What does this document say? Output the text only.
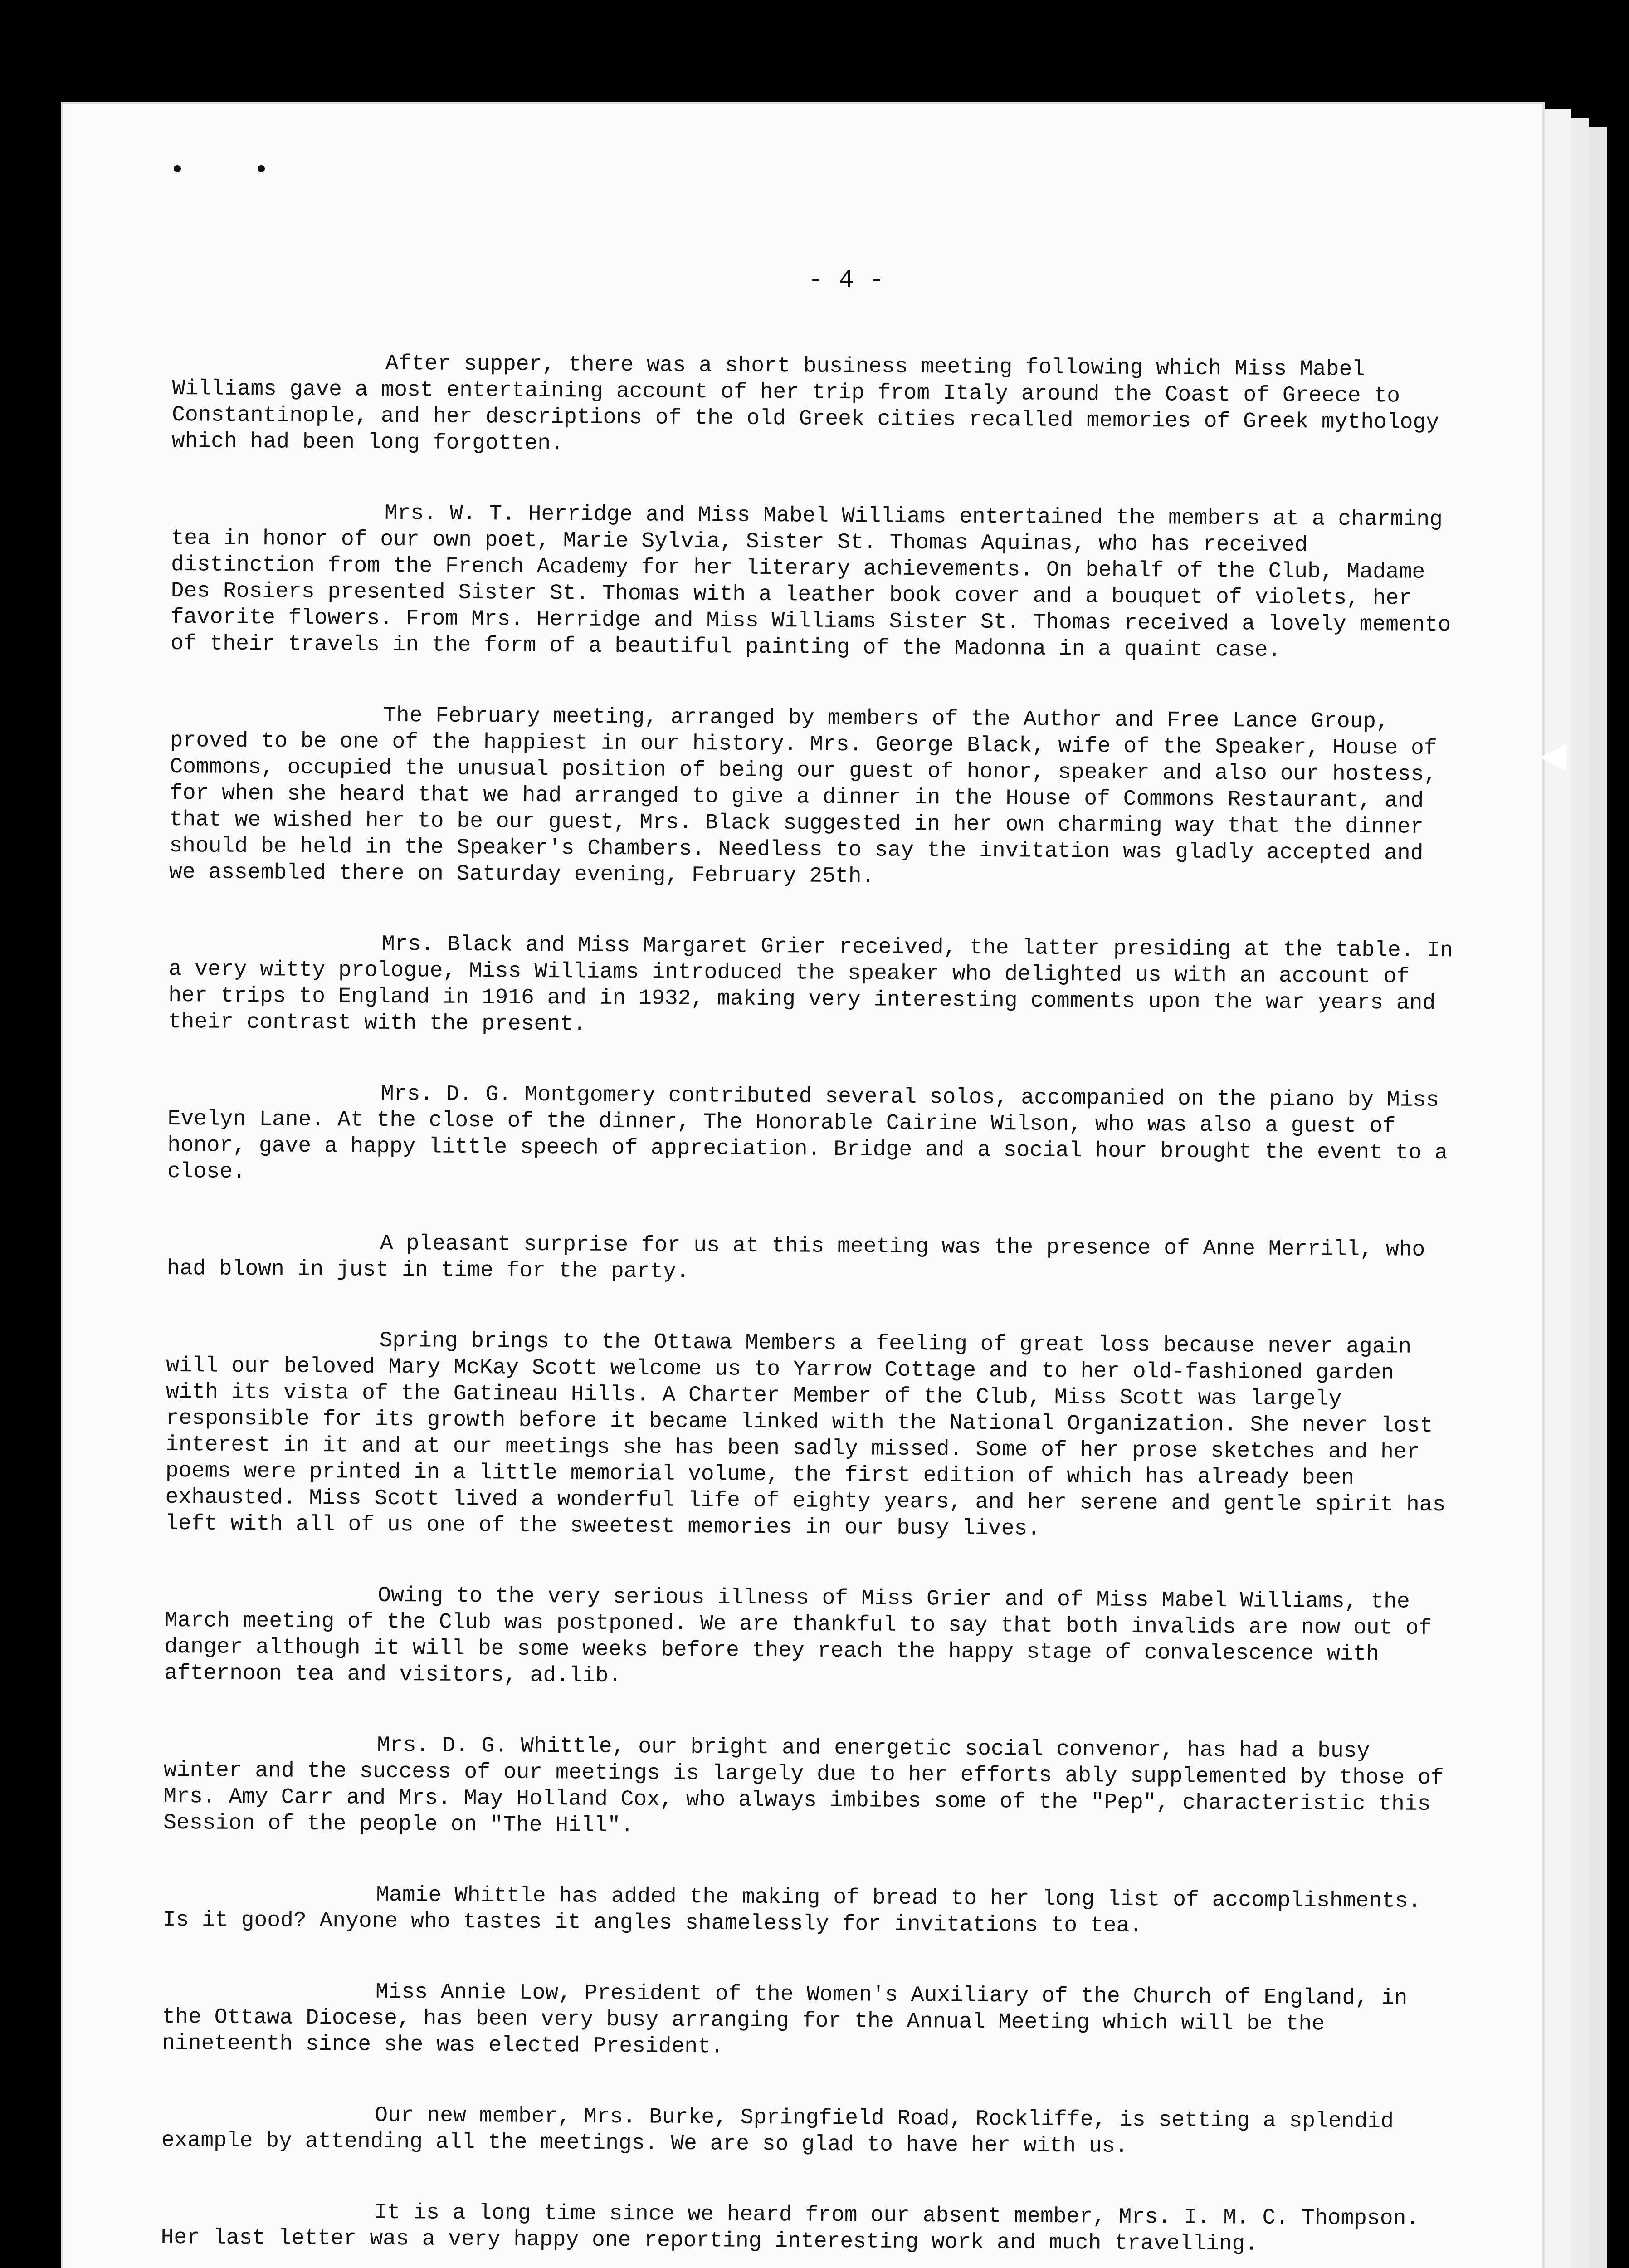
- 4 -

After supper, there was a short business meeting following which Miss Mabel Williams gave a most entertaining account of her trip from Italy around the Coast of Greece to Constantinople, and her descriptions of the old Greek cities recalled memories of Greek mythology which had been long forgotten.

Mrs. W. T. Herridge and Miss Mabel Williams entertained the members at a charming tea in honor of our own poet, Marie Sylvia, Sister St. Thomas Aquinas, who has received distinction from the French Academy for her literary achievements. On behalf of the Club, Madame Des Rosiers presented Sister St. Thomas with a leather book cover and a bouquet of violets, her favorite flowers. From Mrs. Herridge and Miss Williams Sister St. Thomas received a lovely memento of their travels in the form of a beautiful painting of the Madonna in a quaint case.

The February meeting, arranged by members of the Author and Free Lance Group, proved to be one of the happiest in our history. Mrs. George Black, wife of the Speaker, House of Commons, occupied the unusual position of being our guest of honor, speaker and also our hostess, for when she heard that we had arranged to give a dinner in the House of Commons Restaurant, and that we wished her to be our guest, Mrs. Black suggested in her own charming way that the dinner should be held in the Speaker's Chambers. Needless to say the invitation was gladly accepted and we assembled there on Saturday evening, February 25th.

Mrs. Black and Miss Margaret Grier received, the latter presiding at the table. In a very witty prologue, Miss Williams introduced the speaker who delighted us with an account of her trips to England in 1916 and in 1932, making very interesting comments upon the war years and their contrast with the present.

Mrs. D. G. Montgomery contributed several solos, accompanied on the piano by Miss Evelyn Lane. At the close of the dinner, The Honorable Cairine Wilson, who was also a guest of honor, gave a happy little speech of appreciation. Bridge and a social hour brought the event to a close.

A pleasant surprise for us at this meeting was the presence of Anne Merrill, who had blown in just in time for the party.

Spring brings to the Ottawa Members a feeling of great loss because never again will our beloved Mary McKay Scott welcome us to Yarrow Cottage and to her old-fashioned garden with its vista of the Gatineau Hills. A Charter Member of the Club, Miss Scott was largely responsible for its growth before it became linked with the National Organization. She never lost interest in it and at our meetings she has been sadly missed. Some of her prose sketches and her poems were printed in a little memorial volume, the first edition of which has already been exhausted. Miss Scott lived a wonderful life of eighty years, and her serene and gentle spirit has left with all of us one of the sweetest memories in our busy lives.

Owing to the very serious illness of Miss Grier and of Miss Mabel Williams, the March meeting of the Club was postponed. We are thankful to say that both invalids are now out of danger although it will be some weeks before they reach the happy stage of convalescence with afternoon tea and visitors, ad.lib.

Mrs. D. G. Whittle, our bright and energetic social convenor, has had a busy winter and the success of our meetings is largely due to her efforts ably supplemented by those of Mrs. Amy Carr and Mrs. May Holland Cox, who always imbibes some of the "Pep", characteristic this Session of the people on "The Hill".

Mamie Whittle has added the making of bread to her long list of accomplishments. Is it good? Anyone who tastes it angles shamelessly for invitations to tea.

Miss Annie Low, President of the Women's Auxiliary of the Church of England, in the Ottawa Diocese, has been very busy arranging for the Annual Meeting which will be the nineteenth since she was elected President.

Our new member, Mrs. Burke, Springfield Road, Rockliffe, is setting a splendid example by attending all the meetings. We are so glad to have her with us.

It is a long time since we heard from our absent member, Mrs. I. M. C. Thompson. Her last letter was a very happy one reporting interesting work and much travelling.
